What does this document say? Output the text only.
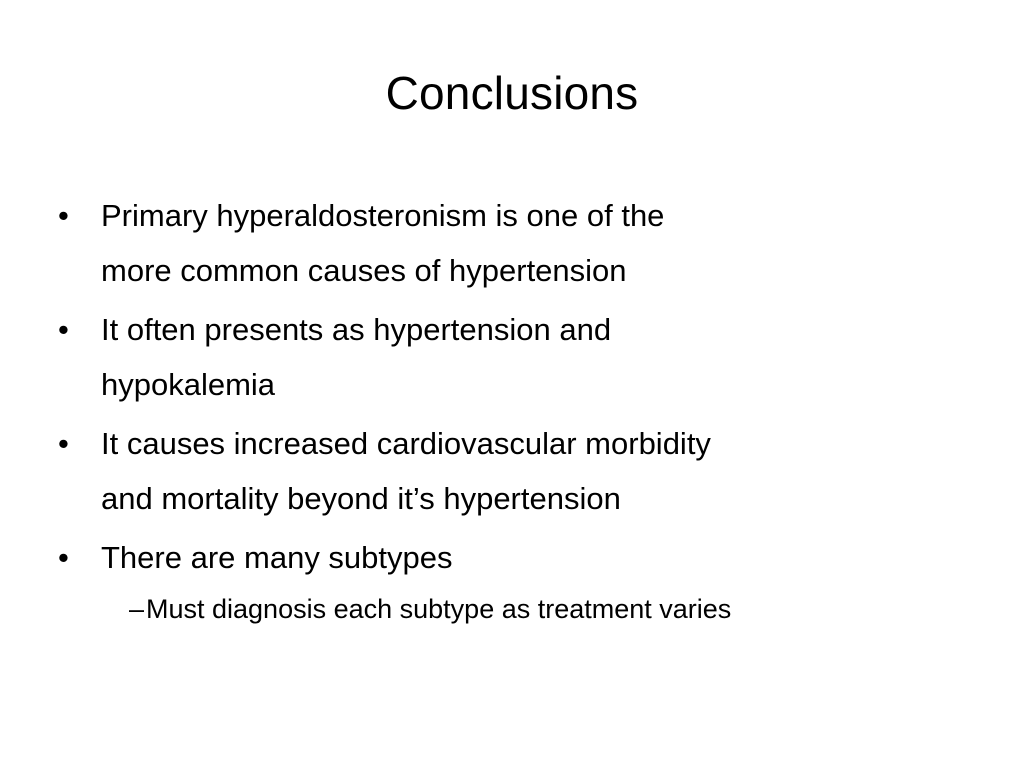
Conclusions
•	Primary hyperaldosteronism is one of the
more common causes of hypertension
•	It often presents as hypertension and
hypokalemia
•	It causes increased cardiovascular morbidity
and mortality beyond it’s hypertension
•	There are many subtypes
– Must diagnosis each subtype as treatment varies
